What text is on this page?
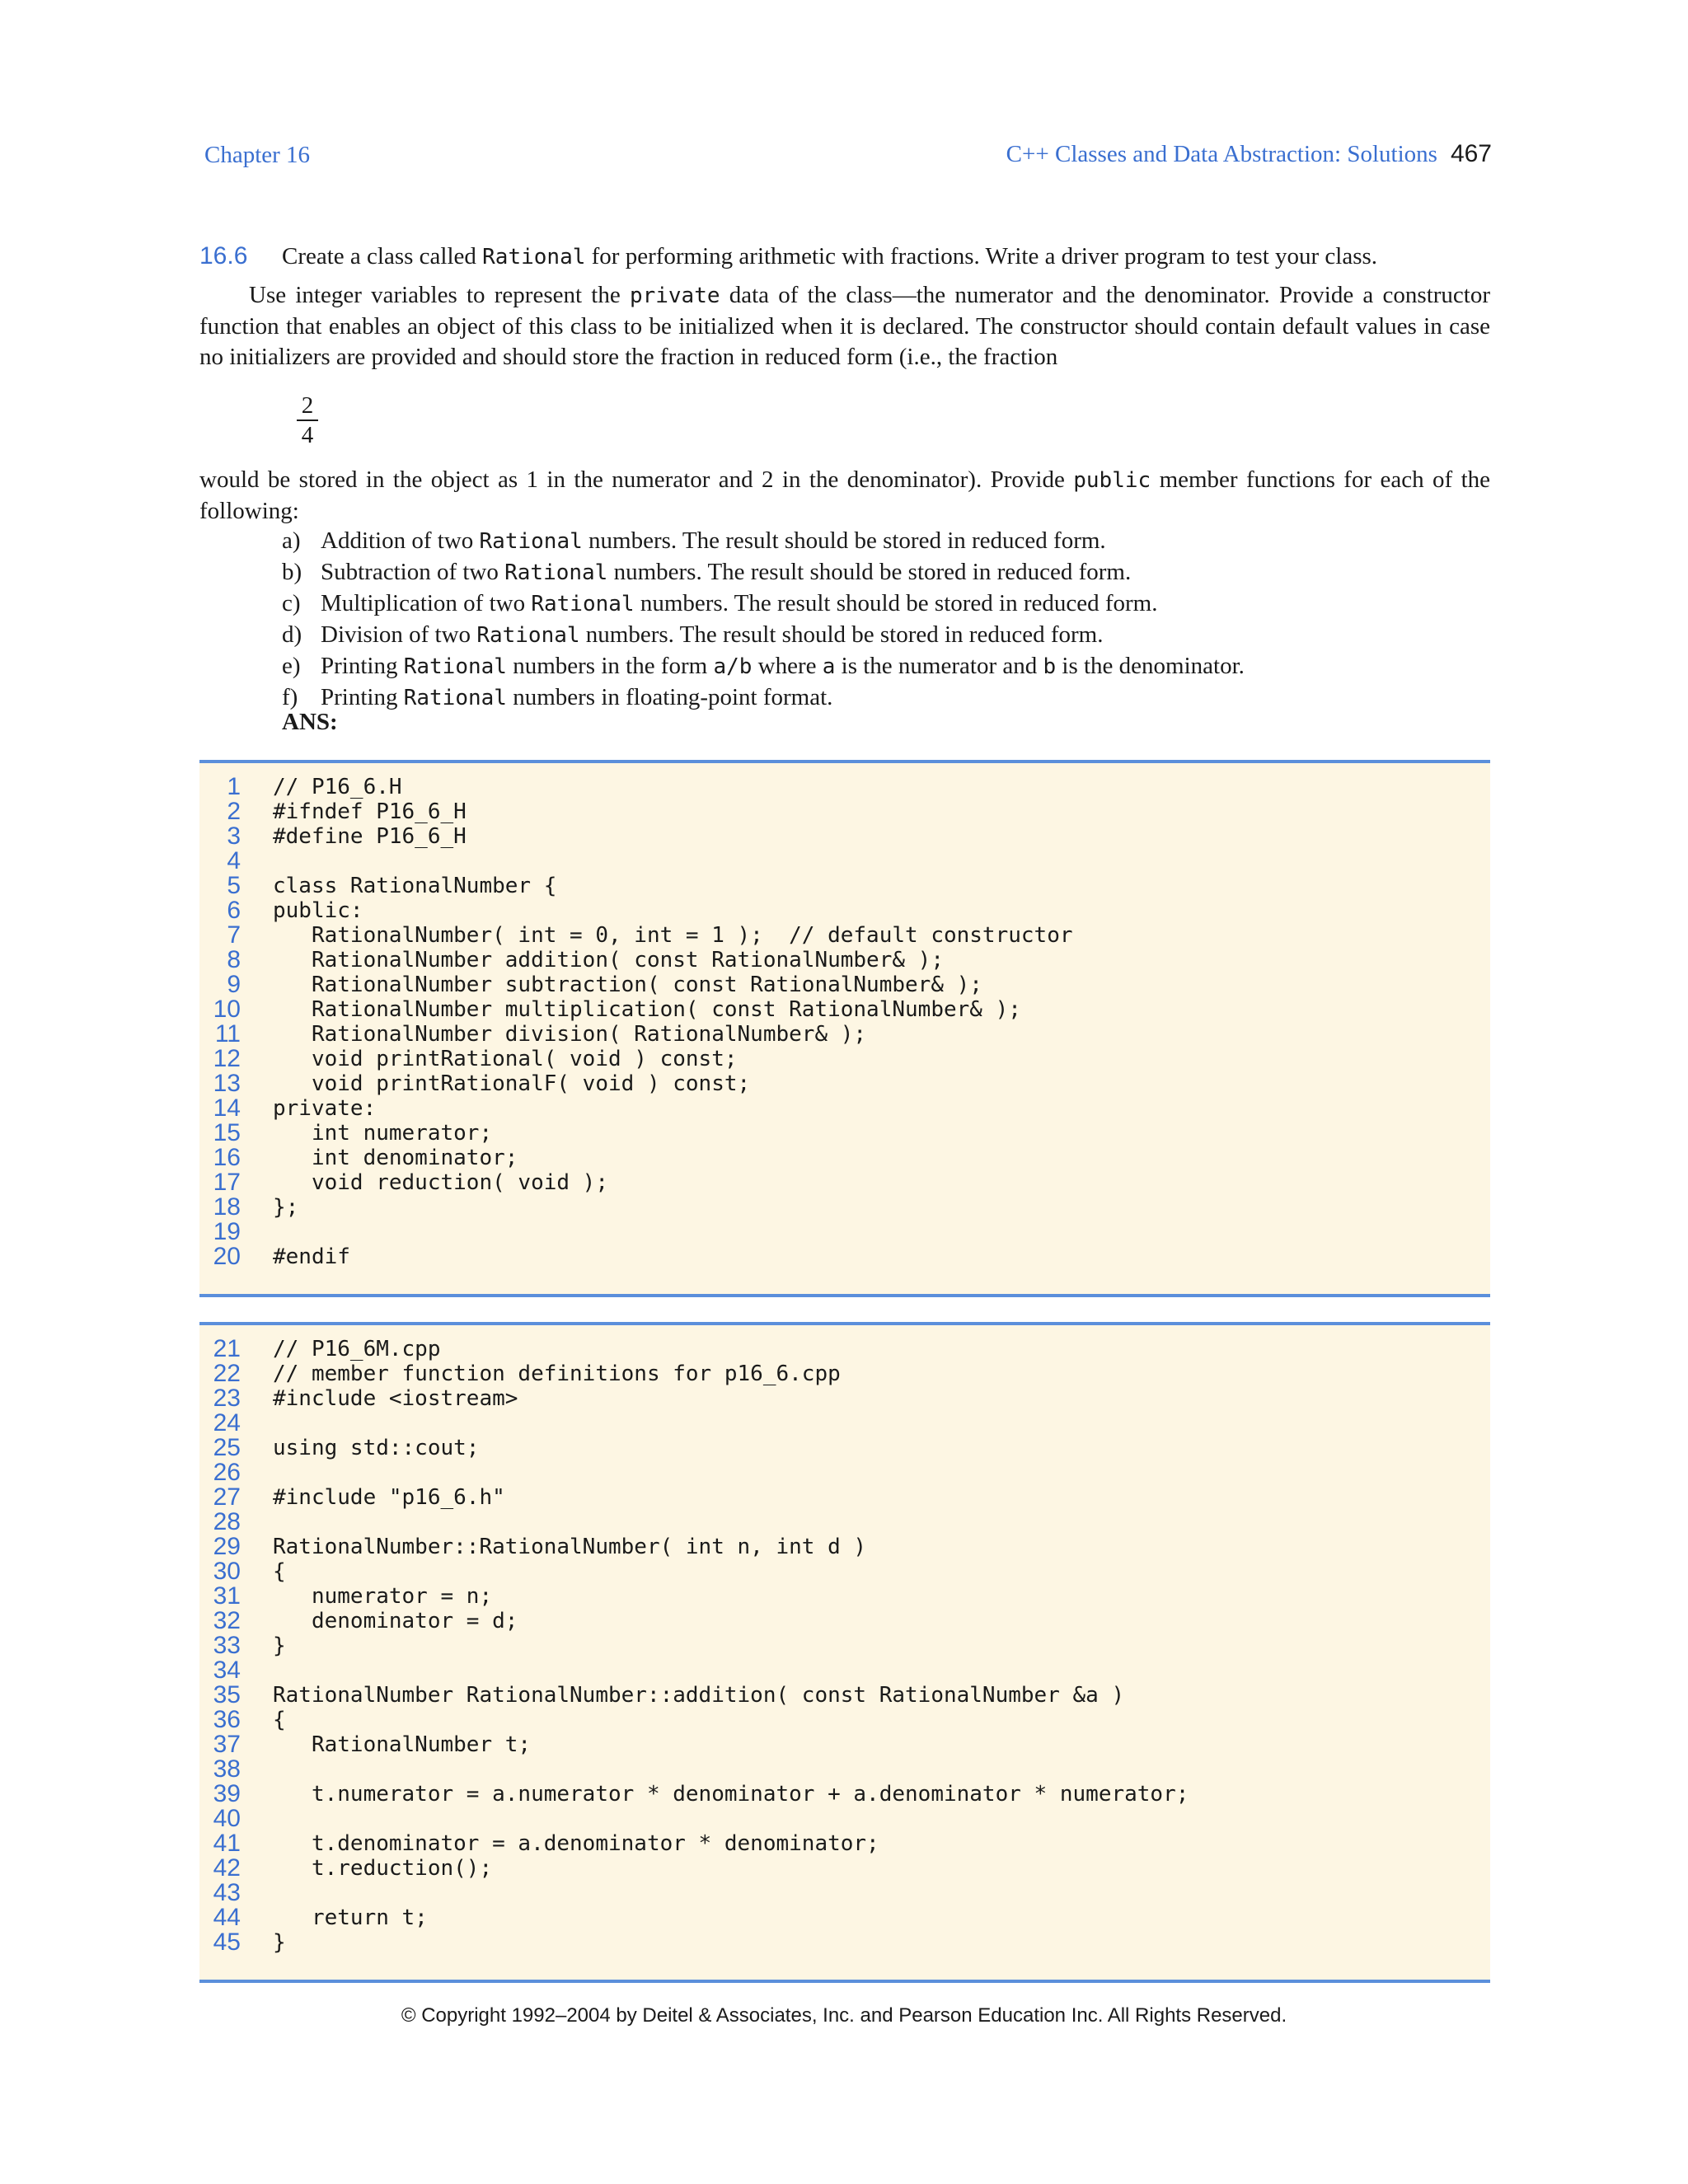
Chapter 16	C++ Classes and Data Abstraction: Solutions 467
16.6 Create a class called Rational for performing arithmetic with fractions. Write a driver program to test your class.
Use integer variables to represent the private data of the class—the numerator and the denominator. Provide a constructor function that enables an object of this class to be initialized when it is declared. The constructor should contain default values in case no initializers are provided and should store the fraction in reduced form (i.e., the fraction
$\frac{2}{4}$
would be stored in the object as 1 in the numerator and 2 in the denominator). Provide public member functions for each of the following:
a) Addition of two Rational numbers. The result should be stored in reduced form.
b) Subtraction of two Rational numbers. The result should be stored in reduced form.
c) Multiplication of two Rational numbers. The result should be stored in reduced form.
d) Division of two Rational numbers. The result should be stored in reduced form.
e) Printing Rational numbers in the form a/b where a is the numerator and b is the denominator.
f) Printing Rational numbers in floating-point format.
ANS:
1 // P16_6.H
2 #ifndef P16_6_H
3 #define P16_6_H
4
5 class RationalNumber {
6 public:
7 RationalNumber( int = 0, int = 1 );  // default constructor
8 RationalNumber addition( const RationalNumber& );
9 RationalNumber subtraction( const RationalNumber& );
10 RationalNumber multiplication( const RationalNumber& );
11 RationalNumber division( RationalNumber& );
12 void printRational( void ) const;
13 void printRationalF( void ) const;
14 private:
15 int numerator;
16 int denominator;
17 void reduction( void );
18 };
19
20 #endif
21 // P16_6M.cpp
22 // member function definitions for p16_6.cpp
23 #include <iostream>
24
25 using std::cout;
26
27 #include "p16_6.h"
28
29 RationalNumber::RationalNumber( int n, int d )
30 {
31 numerator = n;
32 denominator = d;
33 }
34
35 RationalNumber RationalNumber::addition( const RationalNumber &a )
36 {
37 RationalNumber t;
38
39 t.numerator = a.numerator * denominator + a.denominator * numerator;
40
41 t.denominator = a.denominator * denominator;
42 t.reduction();
43
44 return t;
45 }
© Copyright 1992–2004 by Deitel & Associates, Inc. and Pearson Education Inc. All Rights Reserved.
